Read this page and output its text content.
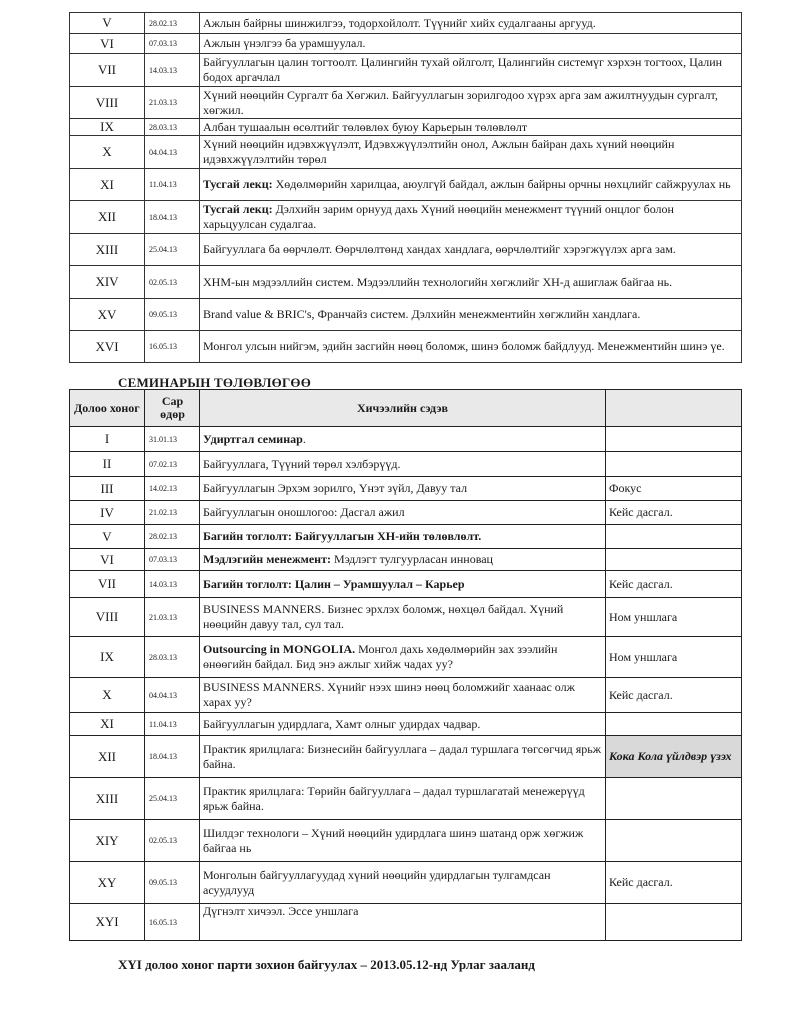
V	28.02.13	Ажлын байрны шинжилгээ, тодорхойлолт. Түүнийг хийх судалгааны аргууд.
VI	07.03.13	Ажлын үнэлгээ ба урамшуулал.
VII	14.03.13	Байгууллагын цалин тогтоолт. Цалингийн тухай ойлголт, Цалингийн системүг хэрхэн тогтоох, Цалин бодох аргачлал
VIII	21.03.13	Хүний нөөцийн Сургалт ба Хөгжил. Байгууллагын зорилгодоо хүрэх арга зам ажилтнуудын сургалт, хөгжил.
IX	28.03.13	Албан тушаалын өсөлтийг төлөвлөх буюу Карьерын төлөвлөлт
X	04.04.13	Хүний нөөцийн идэвхжүүлэлт, Идэвхжүүлэлтийн онол, Ажлын байран дахь хүний нөөцийн идэвхжүүлэлтийн төрөл
XI	11.04.13	Тусгай лекц: Хөдөлмөрийн харилцаа, аюулгүй байдал, ажлын байрны орчны нөхцлийг сайжруулах нь
XII	18.04.13	Тусгай лекц: Дэлхийн зарим орнууд дахь Хүний нөөцийн менежмент түүний онцлог болон харьцуулсан судалгаа.
XIII	25.04.13	Байгууллага ба өөрчлөлт. Өөрчлөлтөнд хандах хандлага, өөрчлөлтийг хэрэгжүүлэх арга зам.
XIV	02.05.13	ХНМ-ын мэдээллийн систем. Мэдээллийн технологийн хөгжлийг ХН-д ашиглаж байгаа нь.
XV	09.05.13	Brand value & BRIC's, Франчайз систем. Дэлхийн менежментийн хөгжлийн хандлага.
XVI	16.05.13	Монгол улсын нийгэм, эдийн засгийн нөөц боломж, шинэ боломж байдлууд. Менежментийн шинэ үе.

СЕМИНАРЫН ТӨЛӨВЛӨГӨӨ

Долоо хоног	Сар өдөр	Хичээлийн сэдэв	
I	31.01.13	Удиртгал семинар.	
II	07.02.13	Байгууллага, Түүний төрөл хэлбэрүүд.	
III	14.02.13	Байгууллагын Эрхэм зорилго, Үнэт зүйл, Давуу тал	Фокус
IV	21.02.13	Байгууллагын оношлогоо: Дасгал ажил	Кейс дасгал.
V	28.02.13	Багийн тоглолт: Байгууллагын ХН-ийн төлөвлөлт.	
VI	07.03.13	Мэдлэгийн менежмент: Мэдлэгт тулгуурласан инновац	
VII	14.03.13	Багийн тоглолт: Цалин – Урамшуулал – Карьер	Кейс дасгал.
VIII	21.03.13	BUSINESS MANNERS. Бизнес эрхлэх боломж, нөхцөл байдал. Хүний нөөцийн давуу тал, сул тал.	Ном уншлага
IX	28.03.13	Outsourcing in MONGOLIA. Монгол дахь хөдөлмөрийн зах зээлийн өнөөгийн байдал. Бид энэ ажлыг хийж чадах уу?	Ном уншлага
X	04.04.13	BUSINESS MANNERS. Хүнийг нээх шинэ нөөц боломжийг хаанаас олж харах уу?	Кейс дасгал.
XI	11.04.13	Байгууллагын удирдлага, Хамт олныг удирдах чадвар.	
XII	18.04.13	Практик ярилцлага: Бизнесийн байгууллага – дадал туршлага төгсөгчид ярьж байна.	Кока Кола үйлдвэр үзэх
XIII	25.04.13	Практик ярилцлага: Төрийн байгууллага – дадал туршлагатай менежерүүд ярьж байна.	
XIY	02.05.13	Шилдэг технологи – Хүний нөөцийн удирдлага шинэ шатанд орж хөгжиж байгаа нь	
XY	09.05.13	Монголын байгууллагуудад хүний нөөцийн удирдлагын тулгамдсан асуудлууд	Кейс дасгал.
XYI	16.05.13	Дүгнэлт хичээл. Эссе уншлага	

XYI долоо хоног парти зохион байгуулах – 2013.05.12-нд Урлаг зааланд
